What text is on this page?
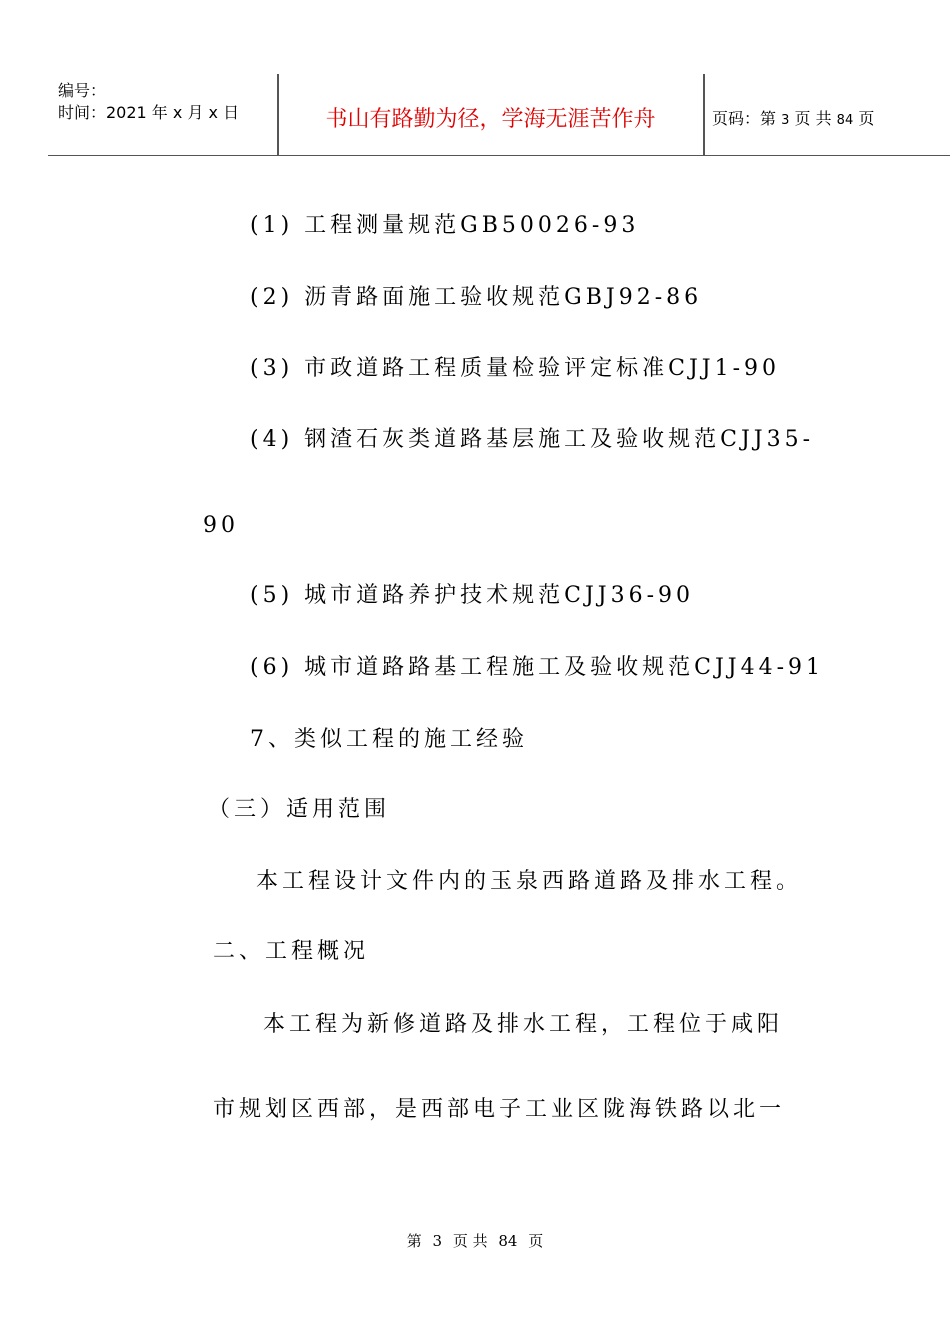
编号：
时间：2021 年 x 月 x 日	书山有路勤为径，学海无涯苦作舟	页码：第 3 页 共 84 页
(1) 工程测量规范GB50026-93
(2) 沥青路面施工验收规范GBJ92-86
(3) 市政道路工程质量检验评定标准CJJ1-90
(4) 钢渣石灰类道路基层施工及验收规范CJJ35-
90
(5) 城市道路养护技术规范CJJ36-90
(6) 城市道路路基工程施工及验收规范CJJ44-91
7、类似工程的施工经验
（三）适用范围
本工程设计文件内的玉泉西路道路及排水工程。
二、工程概况
本工程为新修道路及排水工程，工程位于咸阳
市规划区西部，是西部电子工业区陇海铁路以北一
第 3 页 共 84 页
